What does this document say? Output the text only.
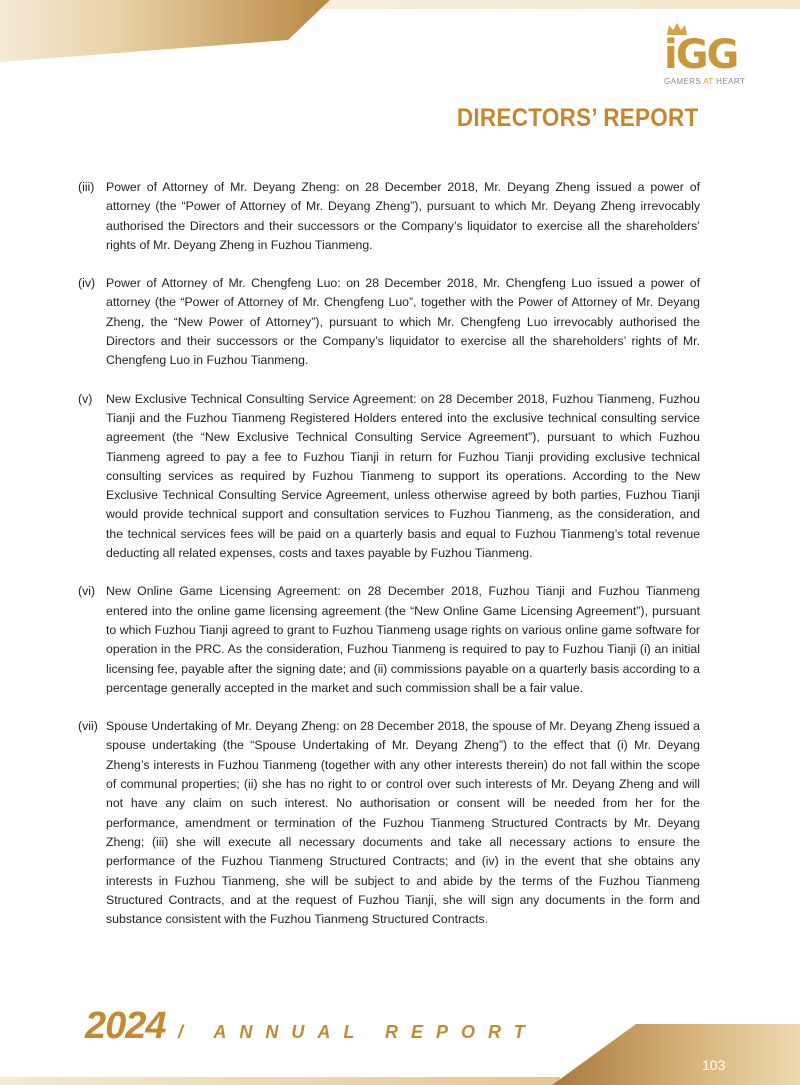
iGG
GAMERS AT HEART
DIRECTORS’ REPORT
(iii) Power of Attorney of Mr. Deyang Zheng: on 28 December 2018, Mr. Deyang Zheng issued a power of attorney (the “Power of Attorney of Mr. Deyang Zheng”), pursuant to which Mr. Deyang Zheng irrevocably authorised the Directors and their successors or the Company’s liquidator to exercise all the shareholders’ rights of Mr. Deyang Zheng in Fuzhou Tianmeng.
(iv) Power of Attorney of Mr. Chengfeng Luo: on 28 December 2018, Mr. Chengfeng Luo issued a power of attorney (the “Power of Attorney of Mr. Chengfeng Luo”, together with the Power of Attorney of Mr. Deyang Zheng, the “New Power of Attorney”), pursuant to which Mr. Chengfeng Luo irrevocably authorised the Directors and their successors or the Company’s liquidator to exercise all the shareholders’ rights of Mr. Chengfeng Luo in Fuzhou Tianmeng.
(v)	New Exclusive Technical Consulting Service Agreement: on 28 December 2018, Fuzhou Tianmeng, Fuzhou Tianji and the Fuzhou Tianmeng Registered Holders entered into the exclusive technical consulting service agreement (the “New Exclusive Technical Consulting Service Agreement”), pursuant to which Fuzhou Tianmeng agreed to pay a fee to Fuzhou Tianji in return for Fuzhou Tianji providing exclusive technical consulting services as required by Fuzhou Tianmeng to support its operations. According to the New Exclusive Technical Consulting Service Agreement, unless otherwise agreed by both parties, Fuzhou Tianji would provide technical support and consultation services to Fuzhou Tianmeng, as the consideration, and the technical services fees will be paid on a quarterly basis and equal to Fuzhou Tianmeng’s total revenue deducting all related expenses, costs and taxes payable by Fuzhou Tianmeng.
(vi) New Online Game Licensing Agreement: on 28 December 2018, Fuzhou Tianji and Fuzhou Tianmeng entered into the online game licensing agreement (the “New Online Game Licensing Agreement”), pursuant to which Fuzhou Tianji agreed to grant to Fuzhou Tianmeng usage rights on various online game software for operation in the PRC. As the consideration, Fuzhou Tianmeng is required to pay to Fuzhou Tianji (i) an initial licensing fee, payable after the signing date; and (ii) commissions payable on a quarterly basis according to a percentage generally accepted in the market and such commission shall be a fair value.
(vii) Spouse Undertaking of Mr. Deyang Zheng: on 28 December 2018, the spouse of Mr. Deyang Zheng issued a spouse undertaking (the “Spouse Undertaking of Mr. Deyang Zheng”) to the effect that (i) Mr. Deyang Zheng’s interests in Fuzhou Tianmeng (together with any other interests therein) do not fall within the scope of communal properties; (ii) she has no right to or control over such interests of Mr. Deyang Zheng and will not have any claim on such interest. No authorisation or consent will be needed from her for the performance, amendment or termination of the Fuzhou Tianmeng Structured Contracts by Mr. Deyang Zheng; (iii) she will execute all necessary documents and take all necessary actions to ensure the performance of the Fuzhou Tianmeng Structured Contracts; and (iv) in the event that she obtains any interests in Fuzhou Tianmeng, she will be subject to and abide by the terms of the Fuzhou Tianmeng Structured Contracts, and at the request of Fuzhou Tianji, she will sign any documents in the form and substance consistent with the Fuzhou Tianmeng Structured Contracts.
2024 / ANNUAL REPORT
103
